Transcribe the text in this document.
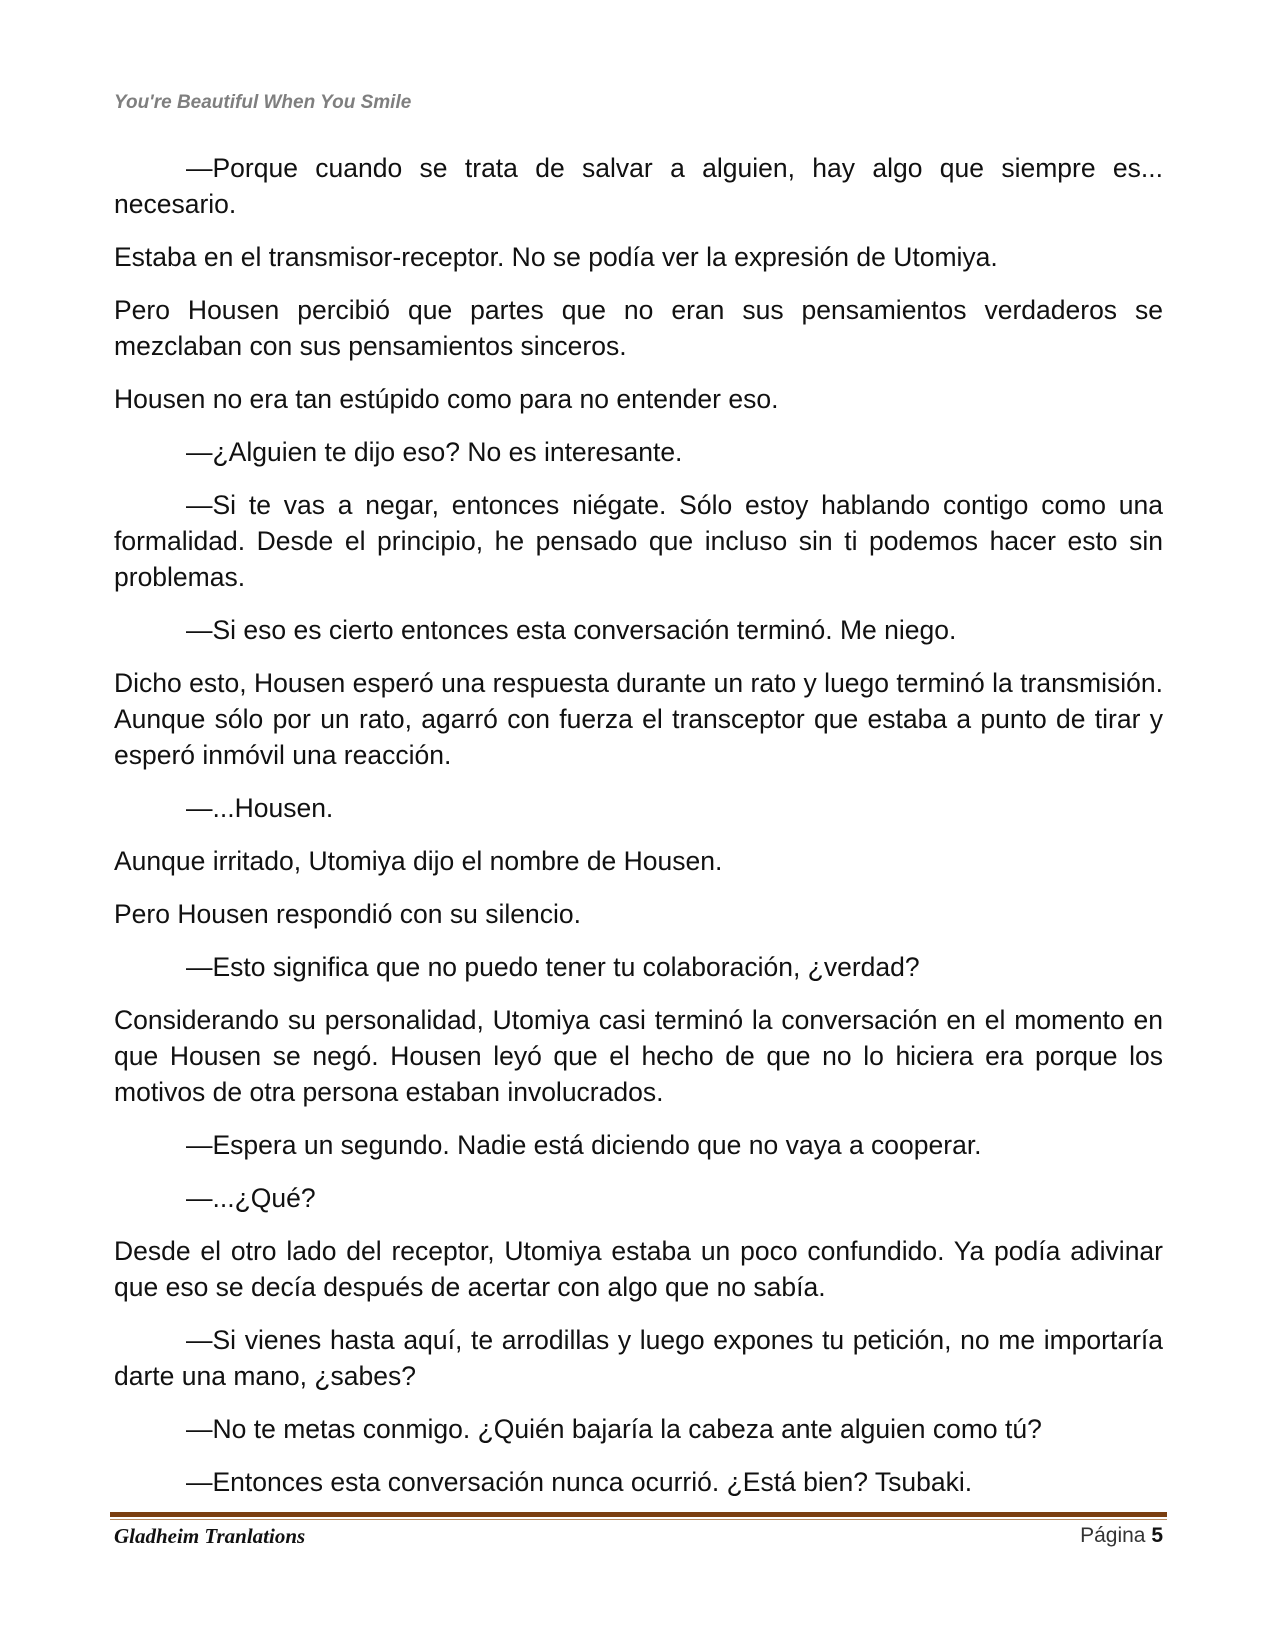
You're Beautiful When You Smile

—Porque cuando se trata de salvar a alguien, hay algo que siempre es... necesario.

Estaba en el transmisor-receptor. No se podía ver la expresión de Utomiya.

Pero Housen percibió que partes que no eran sus pensamientos verdaderos se mezclaban con sus pensamientos sinceros.

Housen no era tan estúpido como para no entender eso.

—¿Alguien te dijo eso? No es interesante.

—Si te vas a negar, entonces niégate. Sólo estoy hablando contigo como una formalidad. Desde el principio, he pensado que incluso sin ti podemos hacer esto sin problemas.

—Si eso es cierto entonces esta conversación terminó. Me niego.

Dicho esto, Housen esperó una respuesta durante un rato y luego terminó la transmisión. Aunque sólo por un rato, agarró con fuerza el transceptor que estaba a punto de tirar y esperó inmóvil una reacción.

—...Housen.

Aunque irritado, Utomiya dijo el nombre de Housen.

Pero Housen respondió con su silencio.

—Esto significa que no puedo tener tu colaboración, ¿verdad?

Considerando su personalidad, Utomiya casi terminó la conversación en el momento en que Housen se negó. Housen leyó que el hecho de que no lo hiciera era porque los motivos de otra persona estaban involucrados.

—Espera un segundo. Nadie está diciendo que no vaya a cooperar.

—...¿Qué?

Desde el otro lado del receptor, Utomiya estaba un poco confundido. Ya podía adivinar que eso se decía después de acertar con algo que no sabía.

—Si vienes hasta aquí, te arrodillas y luego expones tu petición, no me importaría darte una mano, ¿sabes?

—No te metas conmigo. ¿Quién bajaría la cabeza ante alguien como tú?

—Entonces esta conversación nunca ocurrió. ¿Está bien? Tsubaki.

Gladheim Tranlations	Página 5
